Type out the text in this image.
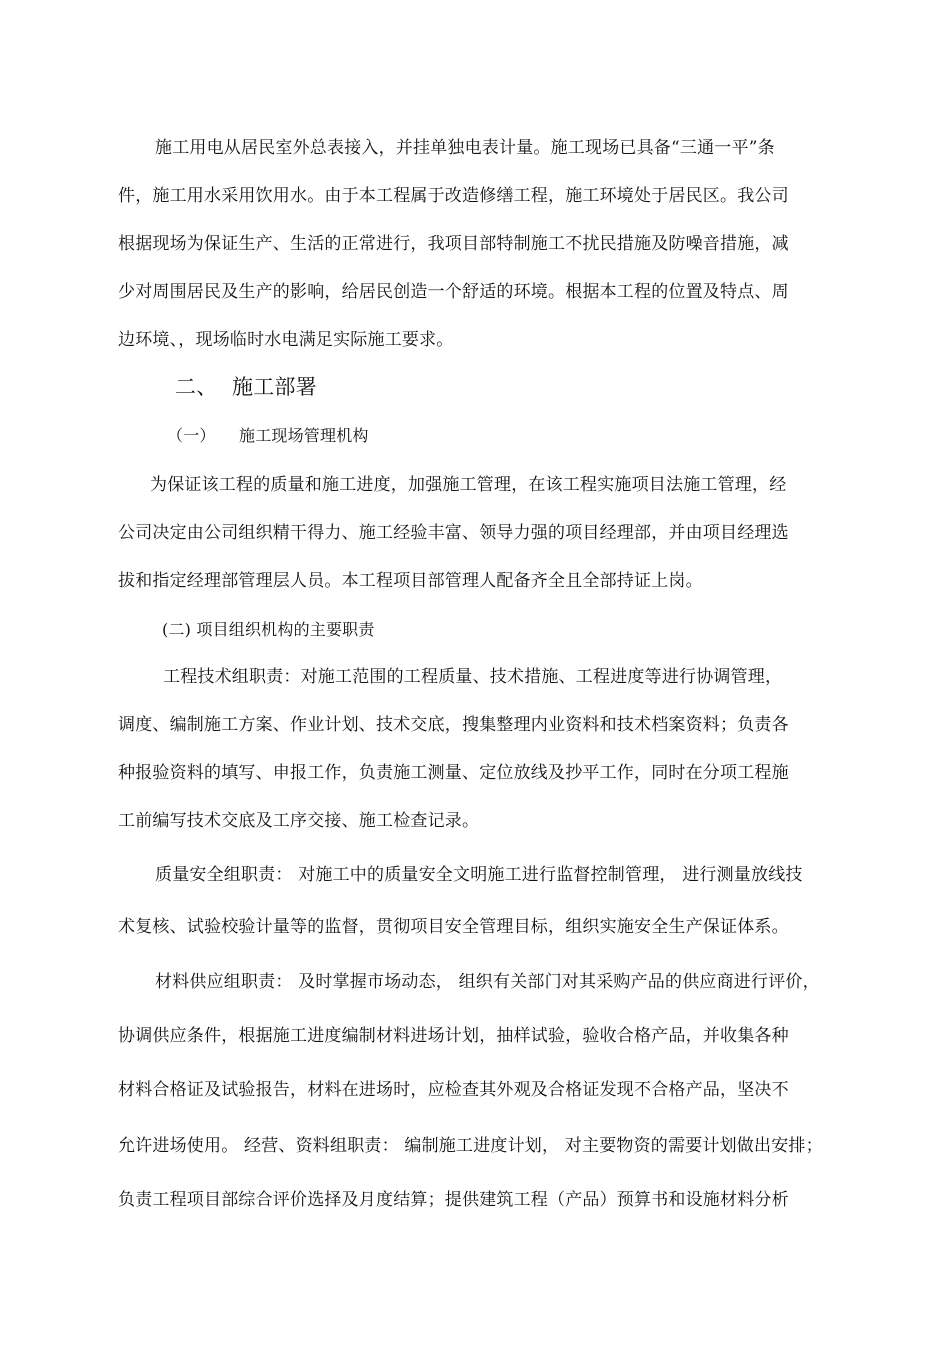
施工用电从居民室外总表接入，并挂单独电表计量。施工现场已具备“三通一平”条
件，施工用水采用饮用水。由于本工程属于改造修缮工程，施工环境处于居民区。我公司
根据现场为保证生产、生活的正常进行，我项目部特制施工不扰民措施及防噪音措施，减
少对周围居民及生产的影响，给居民创造一个舒适的环境。根据本工程的位置及特点、周
边环境、，现场临时水电满足实际施工要求。
二、 施工部署
（一） 施工现场管理机构
为保证该工程的质量和施工进度，加强施工管理，在该工程实施项目法施工管理，经
公司决定由公司组织精干得力、施工经验丰富、领导力强的项目经理部，并由项目经理选
拔和指定经理部管理层人员。本工程项目部管理人配备齐全且全部持证上岗。
(二) 项目组织机构的主要职责
工程技术组职责：对施工范围的工程质量、技术措施、工程进度等进行协调管理，
调度、编制施工方案、作业计划、技术交底，搜集整理内业资料和技术档案资料；负责各
种报验资料的填写、申报工作，负责施工测量、定位放线及抄平工作，同时在分项工程施
工前编写技术交底及工序交接、施工检查记录。
质量安全组职责： 对施工中的质量安全文明施工进行监督控制管理， 进行测量放线技
术复核、试验校验计量等的监督，贯彻项目安全管理目标，组织实施安全生产保证体系。
材料供应组职责： 及时掌握市场动态， 组织有关部门对其采购产品的供应商进行评价，
协调供应条件，根据施工进度编制材料进场计划，抽样试验，验收合格产品，并收集各种
材料合格证及试验报告，材料在进场时，应检查其外观及合格证发现不合格产品，坚决不
允许进场使用。 经营、资料组职责： 编制施工进度计划， 对主要物资的需要计划做出安排；
负责工程项目部综合评价选择及月度结算；提供建筑工程（产品）预算书和设施材料分析
